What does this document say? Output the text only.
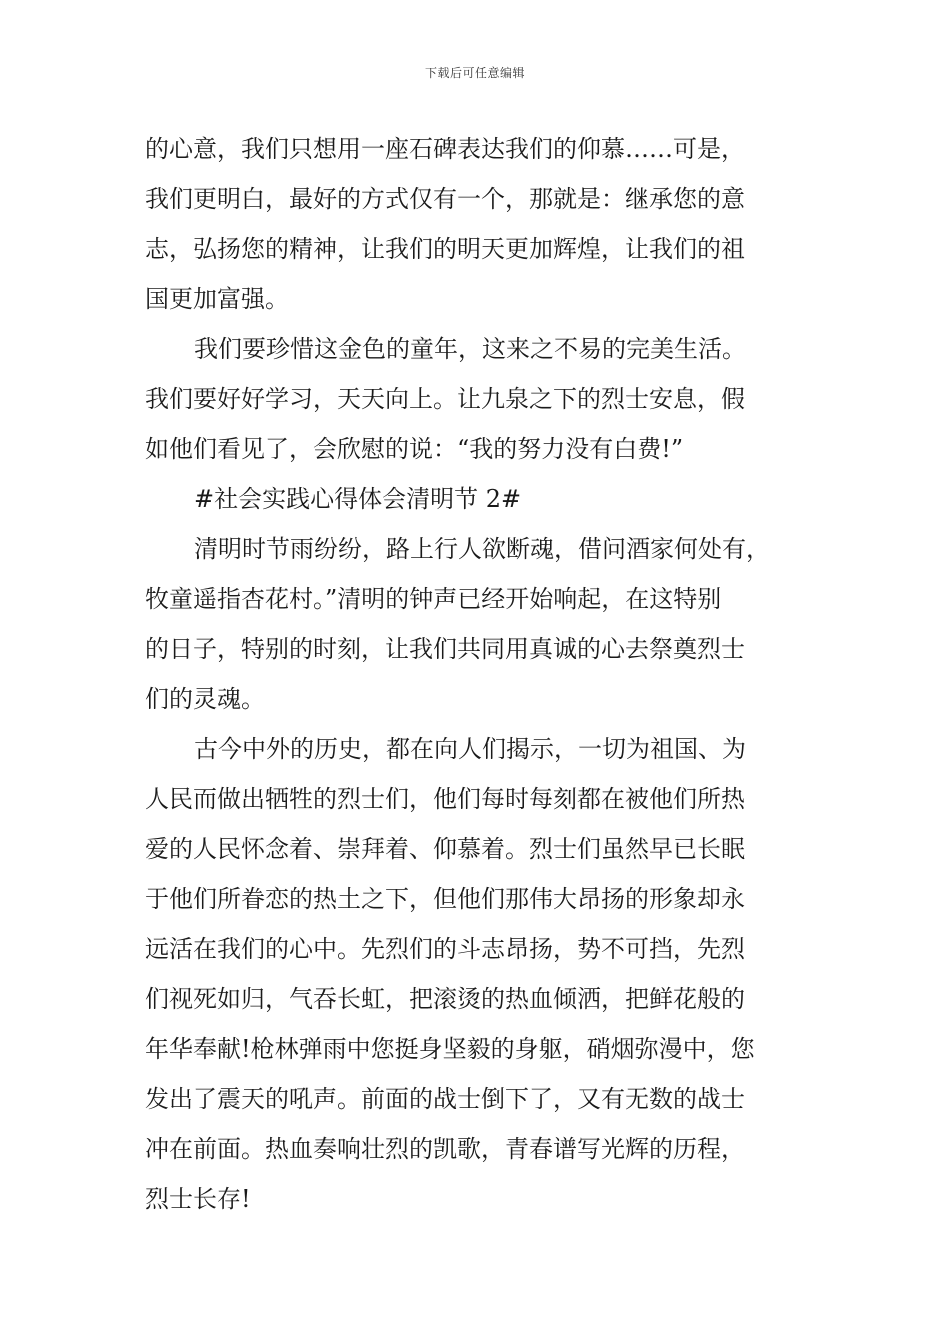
下载后可任意编辑
的心意，我们只想用一座石碑表达我们的仰慕……可是，
我们更明白，最好的方式仅有一个，那就是：继承您的意
志，弘扬您的精神，让我们的明天更加辉煌，让我们的祖
国更加富强。
我们要珍惜这金色的童年，这来之不易的完美生活。
我们要好好学习，天天向上。让九泉之下的烈士安息，假
如他们看见了，会欣慰的说：“我的努力没有白费!”
#社会实践心得体会清明节 2#
清明时节雨纷纷，路上行人欲断魂，借问酒家何处有，
牧童遥指杏花村。”清明的钟声已经开始响起，在这特别
的日子，特别的时刻，让我们共同用真诚的心去祭奠烈士
们的灵魂。
古今中外的历史，都在向人们揭示，一切为祖国、为
人民而做出牺牲的烈士们，他们每时每刻都在被他们所热
爱的人民怀念着、崇拜着、仰慕着。烈士们虽然早已长眠
于他们所眷恋的热土之下，但他们那伟大昂扬的形象却永
远活在我们的心中。先烈们的斗志昂扬，势不可挡，先烈
们视死如归，气吞长虹，把滚烫的热血倾洒，把鲜花般的
年华奉献!枪林弹雨中您挺身坚毅的身躯，硝烟弥漫中，您
发出了震天的吼声。前面的战士倒下了，又有无数的战士
冲在前面。热血奏响壮烈的凯歌，青春谱写光辉的历程，
烈士长存!
